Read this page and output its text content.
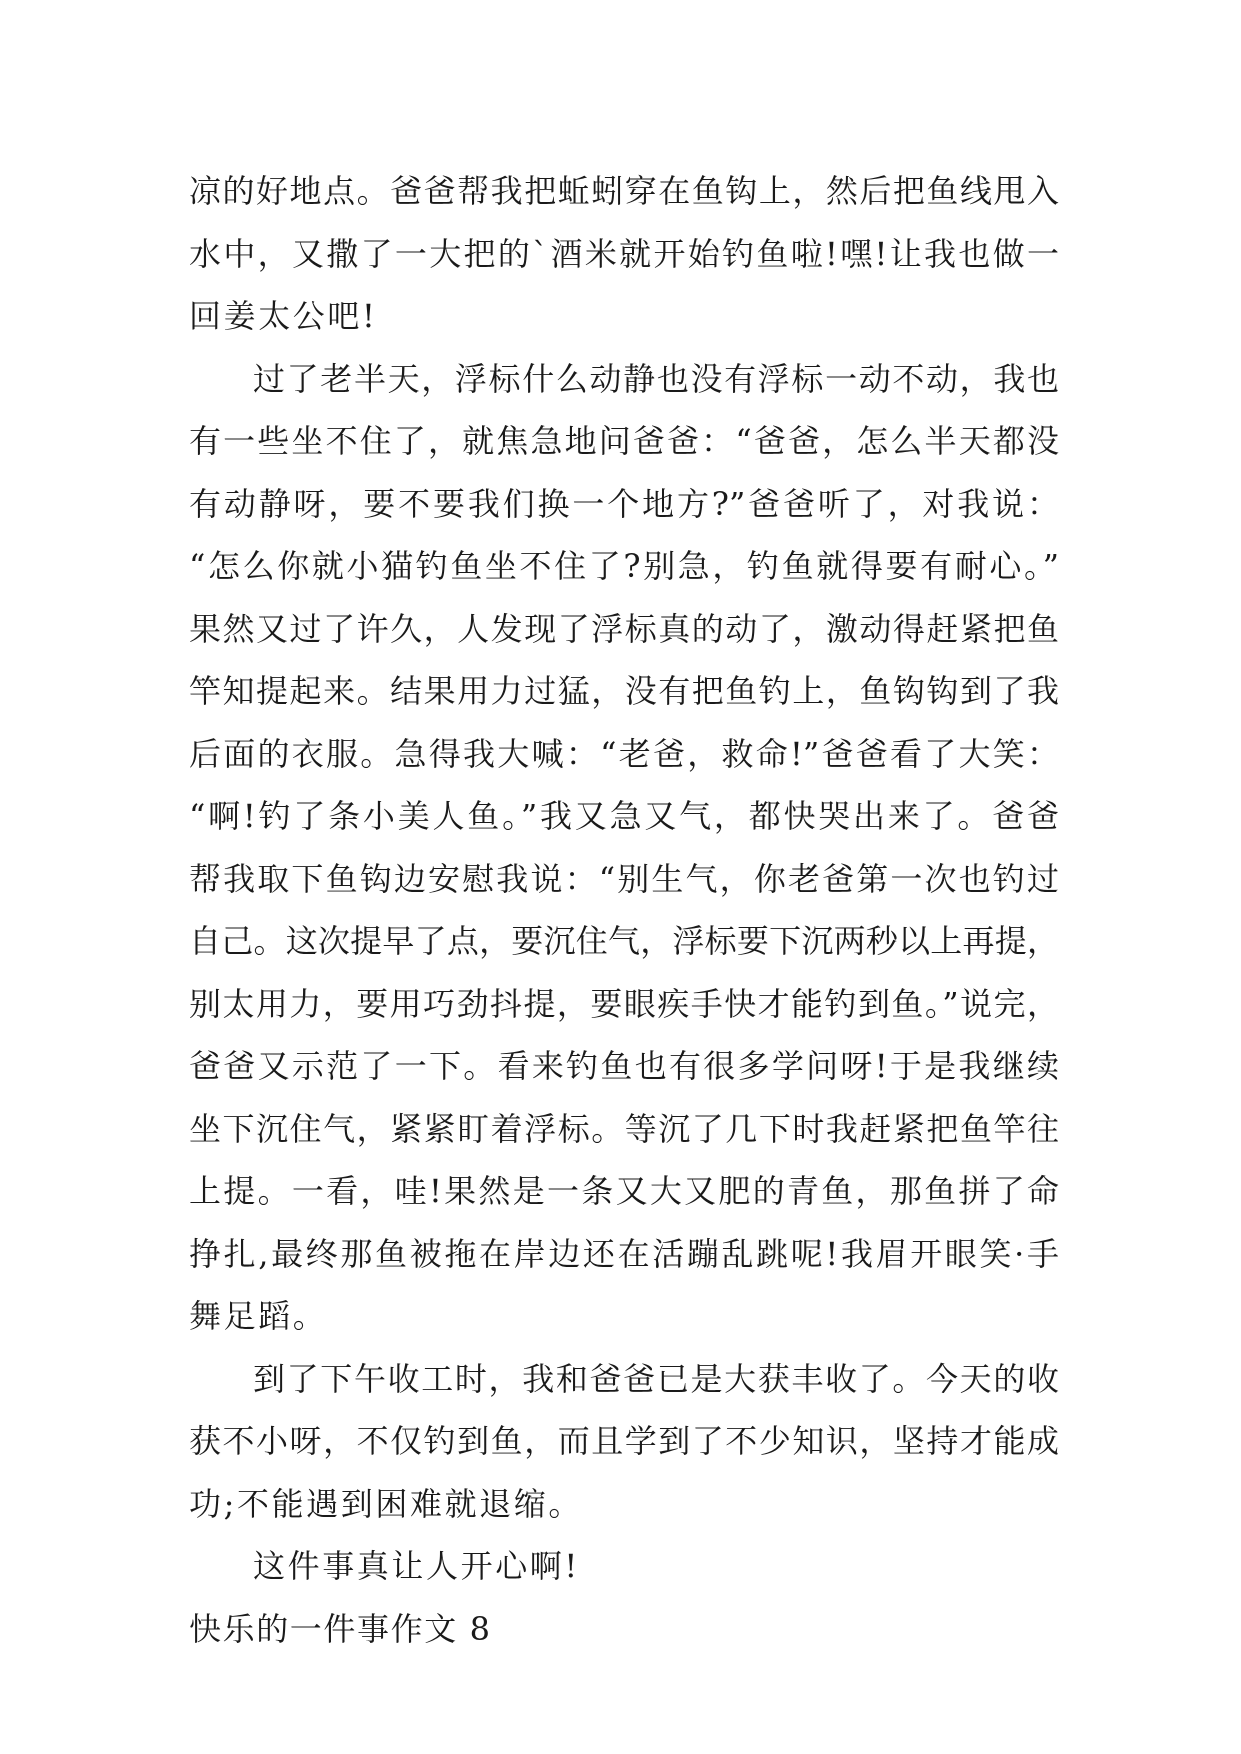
凉的好地点。爸爸帮我把蚯蚓穿在鱼钩上，然后把鱼线甩入
水中，又撒了一大把的`酒米就开始钓鱼啦!嘿!让我也做一
回姜太公吧!
过了老半天，浮标什么动静也没有浮标一动不动，我也
有一些坐不住了，就焦急地问爸爸：“爸爸，怎么半天都没
有动静呀，要不要我们换一个地方?”爸爸听了，对我说：
“怎么你就小猫钓鱼坐不住了?别急，钓鱼就得要有耐心。”
果然又过了许久，人发现了浮标真的动了，激动得赶紧把鱼
竿知提起来。结果用力过猛，没有把鱼钓上，鱼钩钩到了我
后面的衣服。急得我大喊：“老爸，救命!”爸爸看了大笑：
“啊!钓了条小美人鱼。”我又急又气，都快哭出来了。爸爸
帮我取下鱼钩边安慰我说：“别生气，你老爸第一次也钓过
自己。这次提早了点，要沉住气，浮标要下沉两秒以上再提，
别太用力，要用巧劲抖提，要眼疾手快才能钓到鱼。”说完，
爸爸又示范了一下。看来钓鱼也有很多学问呀!于是我继续
坐下沉住气，紧紧盯着浮标。等沉了几下时我赶紧把鱼竿往
上提。一看，哇!果然是一条又大又肥的青鱼，那鱼拼了命
挣扎,最终那鱼被拖在岸边还在活蹦乱跳呢!我眉开眼笑·手
舞足蹈。
到了下午收工时，我和爸爸已是大获丰收了。今天的收
获不小呀，不仅钓到鱼，而且学到了不少知识，坚持才能成
功;不能遇到困难就退缩。
这件事真让人开心啊!
快乐的一件事作文 8
